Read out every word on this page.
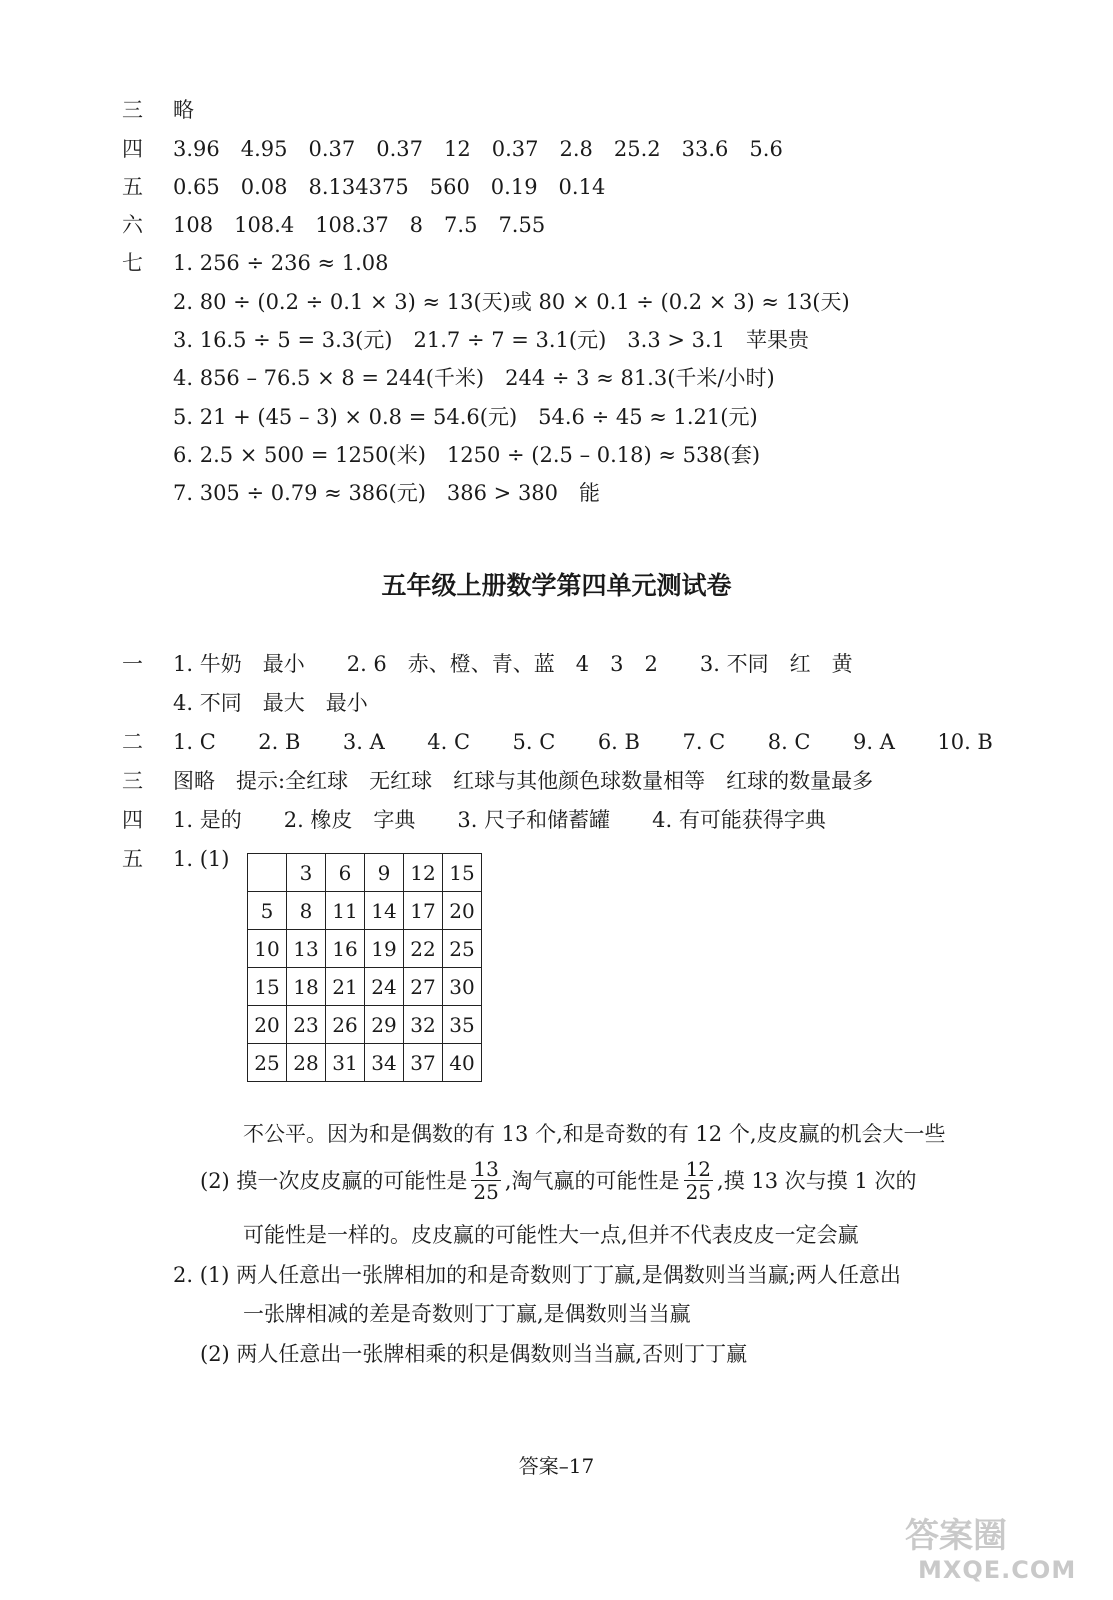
三 略
四 3.96　4.95　0.37　0.37　12　0.37　2.8　25.2　33.6　5.6
五 0.65　0.08　8.134375　560　0.19　0.14
六 108　108.4　108.37　8　7.5　7.55
七 1. 256 ÷ 236 ≈ 1.08
2. 80 ÷ (0.2 ÷ 0.1 × 3) ≈ 13(天)或 80 × 0.1 ÷ (0.2 × 3) ≈ 13(天)
3. 16.5 ÷ 5 = 3.3(元)　21.7 ÷ 7 = 3.1(元)　3.3 > 3.1　苹果贵
4. 856 – 76.5 × 8 = 244(千米)　244 ÷ 3 ≈ 81.3(千米/小时)
5. 21 + (45 – 3) × 0.8 = 54.6(元)　54.6 ÷ 45 ≈ 1.21(元)
6. 2.5 × 500 = 1250(米)　1250 ÷ (2.5 – 0.18) ≈ 538(套)
7. 305 ÷ 0.79 ≈ 386(元)　386 > 380　能
五年级上册数学第四单元测试卷
一 1. 牛奶　最小　　2. 6　赤、橙、青、蓝　4　3　2　　3. 不同　红　黄
4. 不同　最大　最小
二 1. C 2. B 3. A 4. C 5. C 6. B 7. C 8. C 9. A 10. B
三 图略　提示:全红球　无红球　红球与其他颜色球数量相等　红球的数量最多
四 1. 是的　　2. 橡皮　字典　　3. 尺子和储蓄罐　　4. 有可能获得字典
五 1. (1)
	3	6	9	12	15
5	8	11	14	17	20
10	13	16	19	22	25
15	18	21	24	27	30
20	23	26	29	32	35
25	28	31	34	37	40
不公平。因为和是偶数的有 13 个,和是奇数的有 12 个,皮皮赢的机会大一些
(2) 摸一次皮皮赢的可能性是 $\frac{13}{25}$ ,淘气赢的可能性是 $\frac{12}{25}$ ,摸 13 次与摸 1 次的
可能性是一样的。皮皮赢的可能性大一点,但并不代表皮皮一定会赢
2. (1) 两人任意出一张牌相加的和是奇数则丁丁赢,是偶数则当当赢;两人任意出
一张牌相减的差是奇数则丁丁赢,是偶数则当当赢
(2) 两人任意出一张牌相乘的积是偶数则当当赢,否则丁丁赢
答案–17
答案圈
MXQE.COM
